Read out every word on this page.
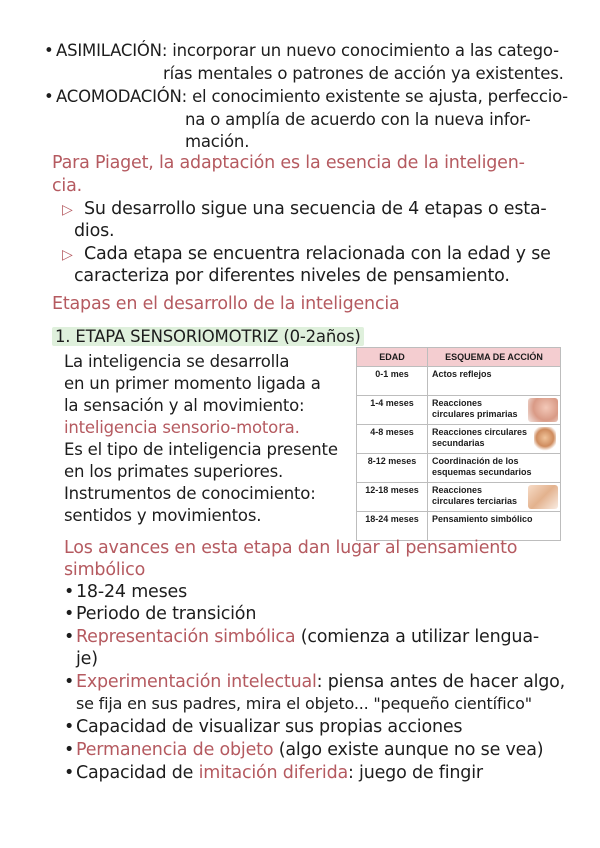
• ASIMILACIÓN: incorporar un nuevo conocimiento a las catego-
rías mentales o patrones de acción ya existentes.
• ACOMODACIÓN: el conocimiento existente se ajusta, perfecciо-
na o amplía de acuerdo con la nueva infor-
mación.
Para Piaget, la adaptación es la esencia de la inteligen-
cia.
▷ Su desarrollo sigue una secuencia de 4 etapas o esta-
dios.
▷ Cada etapa se encuentra relacionada con la edad y se
caracteriza por diferentes niveles de pensamiento.
Etapas en el desarrollo de la inteligencia
1. ETAPA SENSORIOMOTRIZ (0-2años)
La inteligencia se desarrolla
en un primer momento ligada a
la sensación y al movimiento:
inteligencia sensorio-motora.
Es el tipo de inteligencia presente
en los primates superiores.
Instrumentos de conocimiento:
sentidos y movimientos.
EDAD	ESQUEMA DE ACCIÓN
0-1 mes	Actos reflejos
1-4 meses	Reacciones circulares primarias

4-8 meses	Reacciones circulares secundarias

8-12 meses	Coordinación de los esquemas secundarios
12-18 meses	Reacciones circulares terciarias

18-24 meses	Pensamiento simbólico
Los avances en esta etapa dan lugar al pensamiento
simbólico
• 18-24 meses
• Periodo de transición
• Representación simbólica (comienza a utilizar lengua-
je)
• Experimentación intelectual: piensa antes de hacer algo,
se fija en sus padres, mira el objeto... "pequeño científico"
• Capacidad de visualizar sus propias acciones
• Permanencia de objeto (algo existe aunque no se vea)
• Capacidad de imitación diferida: juego de fingir
